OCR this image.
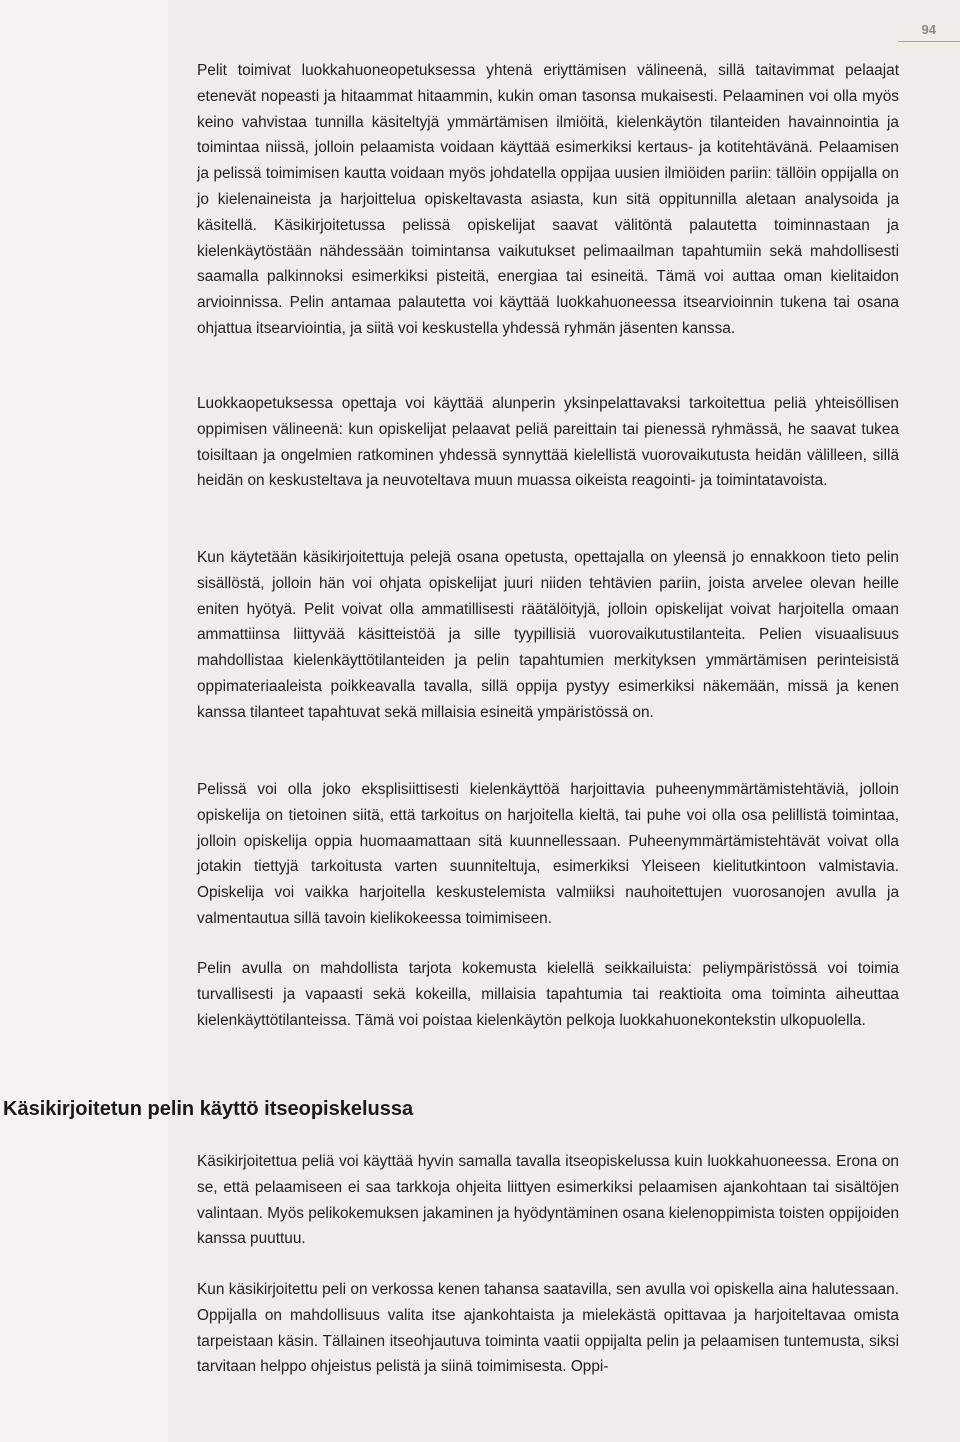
94

Pelit toimivat luokkahuoneopetuksessa yhtenä eriyttämisen välineenä, sillä taitavimmat pelaajat etenevät nopeasti ja hitaammat hitaammin, kukin oman tasonsa mukaisesti. Pelaaminen voi olla myös keino vahvistaa tunnilla käsiteltyjä ymmärtämisen ilmiöitä, kielenkäytön tilanteiden havainnointia ja toimintaa niissä, jolloin pelaamista voidaan käyttää esimerkiksi kertaus- ja kotitehtävänä. Pelaamisen ja pelissä toimimisen kautta voidaan myös johdatella oppijaa uusien ilmiöiden pariin: tällöin oppijalla on jo kielenaineista ja harjoittelua opiskeltavasta asiasta, kun sitä oppitunnilla aletaan analysoida ja käsitellä. Käsikirjoitetussa pelissä opiskelijat saavat välitöntä palautetta toiminnastaan ja kielenkäytöstään nähdessään toimintansa vaikutukset pelimaailman tapahtumiin sekä mahdollisesti saamalla palkinnoksi esimerkiksi pisteitä, energiaa tai esineitä. Tämä voi auttaa oman kielitaidon arvioinnissa. Pelin antamaa palautetta voi käyttää luokkahuoneessa itsearvioinnin tukena tai osana ohjattua itsearviointia, ja siitä voi keskustella yhdessä ryhmän jäsenten kanssa.

Luokkaopetuksessa opettaja voi käyttää alunperin yksinpelattavaksi tarkoitettua peliä yhteisöllisen oppimisen välineenä: kun opiskelijat pelaavat peliä pareittain tai pienessä ryhmässä, he saavat tukea toisiltaan ja ongelmien ratkominen yhdessä synnyttää kielellistä vuorovaikutusta heidän välilleen, sillä heidän on keskusteltava ja neuvoteltava muun muassa oikeista reagointi- ja toimintatavoista.

Kun käytetään käsikirjoitettuja pelejä osana opetusta, opettajalla on yleensä jo ennakkoon tieto pelin sisällöstä, jolloin hän voi ohjata opiskelijat juuri niiden tehtävien pariin, joista arvelee olevan heille eniten hyötyä. Pelit voivat olla ammatillisesti räätälöityjä, jolloin opiskelijat voivat harjoitella omaan ammattiinsa liittyvää käsitteistöä ja sille tyypillisiä vuorovaikutustilanteita. Pelien visuaalisuus mahdollistaa kielenkäyttötilanteiden ja pelin tapahtumien merkityksen ymmärtämisen perinteisistä oppimateriaaleista poikkeavalla tavalla, sillä oppija pystyy esimerkiksi näkemään, missä ja kenen kanssa tilanteet tapahtuvat sekä millaisia esineitä ympäristössä on.

Pelissä voi olla joko eksplisiittisesti kielenkäyttöä harjoittavia puheenymmärtämistehtäviä, jolloin opiskelija on tietoinen siitä, että tarkoitus on harjoitella kieltä, tai puhe voi olla osa pelillistä toimintaa, jolloin opiskelija oppia huomaamattaan sitä kuunnellessaan. Puheenymmärtämistehtävät voivat olla jotakin tiettyjä tarkoitusta varten suunniteltuja, esimerkiksi Yleiseen kielitutkintoon valmistavia. Opiskelija voi vaikka harjoitella keskustelemista valmiiksi nauhoitettujen vuorosanojen avulla ja valmentautua sillä tavoin kielikokeessa toimimiseen.

Pelin avulla on mahdollista tarjota kokemusta kielellä seikkailuista: peliympäristössä voi toimia turvallisesti ja vapaasti sekä kokeilla, millaisia tapahtumia tai reaktioita oma toiminta aiheuttaa kielenkäyttötilanteissa. Tämä voi poistaa kielenkäytön pelkoja luokkahuonekontekstin ulkopuolella.

Käsikirjoitettua peliä voi käyttää hyvin samalla tavalla itseopiskelussa kuin luokkahuoneessa. Erona on se, että pelaamiseen ei saa tarkkoja ohjeita liittyen esimerkiksi pelaamisen ajankohtaan tai sisältöjen valintaan. Myös pelikokemuksen jakaminen ja hyödyntäminen osana kielenoppimista toisten oppijoiden kanssa puuttuu.

Kun käsikirjoitettu peli on verkossa kenen tahansa saatavilla, sen avulla voi opiskella aina halutessaan. Oppijalla on mahdollisuus valita itse ajankohtaista ja mielekästä opittavaa ja harjoiteltavaa omista tarpeistaan käsin. Tällainen itseohjautuva toiminta vaatii oppijalta pelin ja pelaamisen tuntemusta, siksi tarvitaan helppo ohjeistus pelistä ja siinä toimimisesta. Oppi-

Käsikirjoitetun pelin käyttö itseopiskelussa
